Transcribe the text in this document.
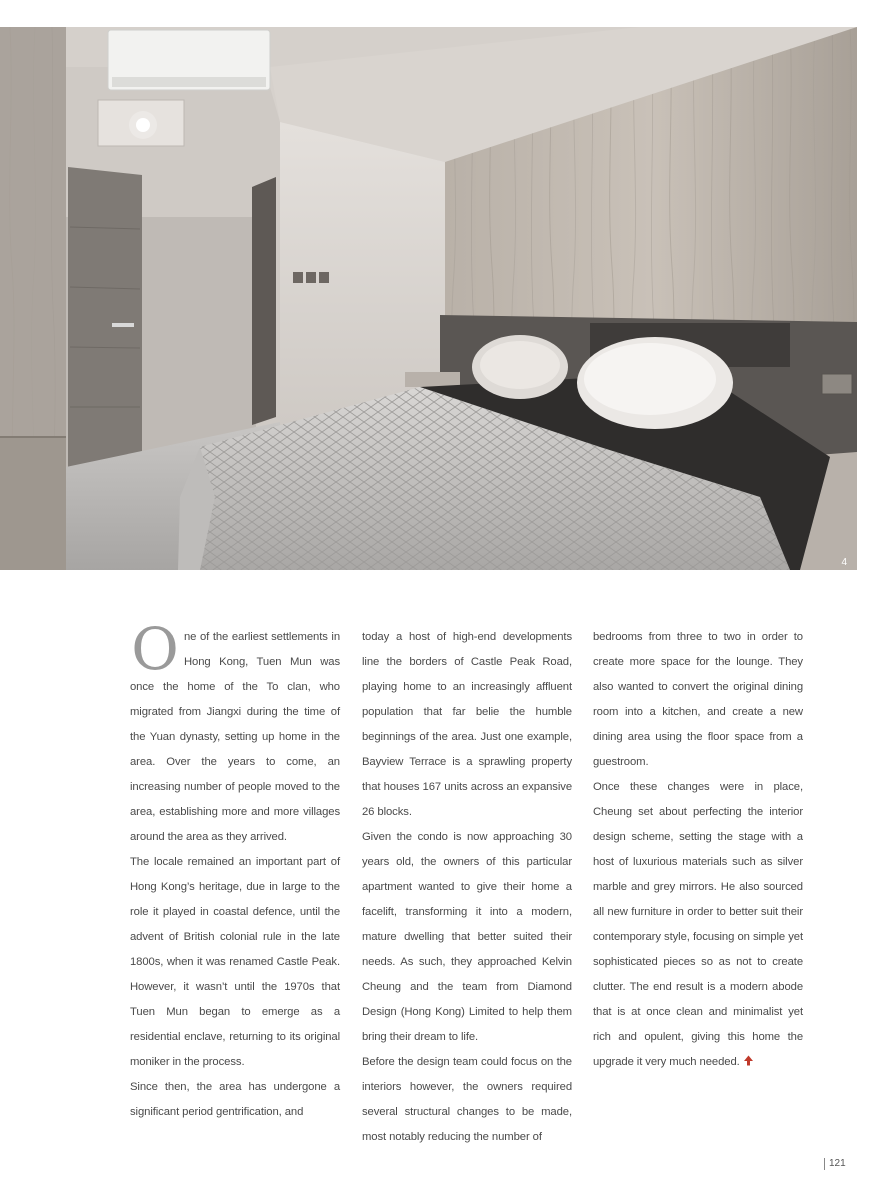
4
O ne of the earliest settlements in Hong Kong, Tuen Mun was once the home of the To clan, who migrated from Jiangxi during the time of the Yuan dynasty, setting up home in the area. Over the years to come, an increasing number of people moved to the area, establishing more and more villages around the area as they arrived.

The locale remained an important part of Hong Kong’s heritage, due in large to the role it played in coastal defence, until the advent of British colonial rule in the late 1800s, when it was renamed Castle Peak. However, it wasn’t until the 1970s that Tuen Mun began to emerge as a residential enclave, returning to its original moniker in the process.

Since then, the area has undergone a significant period gentrification, and

today a host of high-end developments line the borders of Castle Peak Road, playing home to an increasingly affluent population that far belie the humble beginnings of the area. Just one example, Bayview Terrace is a sprawling property that houses 167 units across an expansive 26 blocks.

Given the condo is now approaching 30 years old, the owners of this particular apartment wanted to give their home a facelift, transforming it into a modern, mature dwelling that better suited their needs. As such, they approached Kelvin Cheung and the team from Diamond Design (Hong Kong) Limited to help them bring their dream to life.

Before the design team could focus on the interiors however, the owners required several structural changes to be made, most notably reducing the number of

bedrooms from three to two in order to create more space for the lounge. They also wanted to convert the original dining room into a kitchen, and create a new dining area using the floor space from a guestroom.

Once these changes were in place, Cheung set about perfecting the interior design scheme, setting the stage with a host of luxurious materials such as silver marble and grey mirrors. He also sourced all new furniture in order to better suit their contemporary style, focusing on simple yet sophisticated pieces so as not to create clutter. The end result is a modern abode that is at once clean and minimalist yet rich and opulent, giving this home the upgrade it very much needed.

121
